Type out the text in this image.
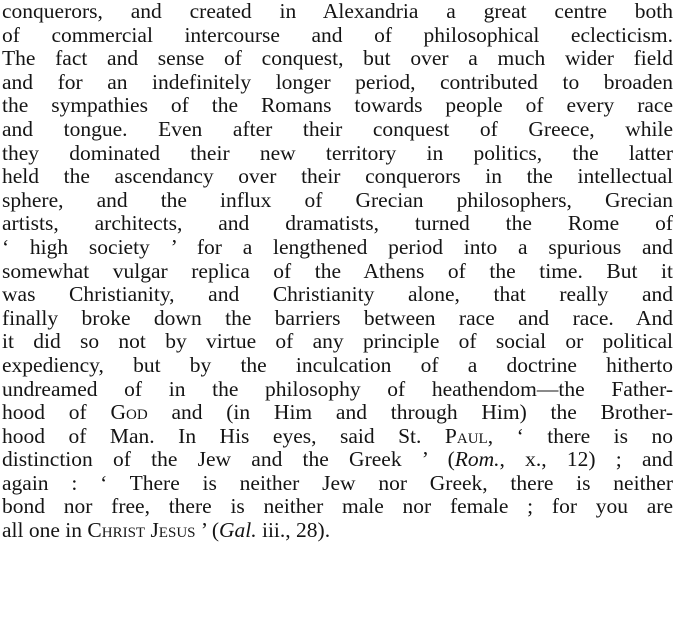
conquerors, and created in Alexandria a great centre both
of commercial intercourse and of philosophical eclecticism.
The fact and sense of conquest, but over a much wider field
and for an indefinitely longer period, contributed to broaden
the sympathies of the Romans towards people of every race
and tongue. Even after their conquest of Greece, while
they dominated their new territory in politics, the latter
held the ascendancy over their conquerors in the intellectual
sphere, and the influx of Grecian philosophers, Grecian
artists, architects, and dramatists, turned the Rome of
‘ high society ’ for a lengthened period into a spurious and
somewhat vulgar replica of the Athens of the time. But it
was Christianity, and Christianity alone, that really and
finally broke down the barriers between race and race. And
it did so not by virtue of any principle of social or political
expediency, but by the inculcation of a doctrine hitherto
undreamed of in the philosophy of heathendom—the Father-
hood of God and (in Him and through Him) the Brother-
hood of Man. In His eyes, said St. Paul, ‘ there is no
distinction of the Jew and the Greek ’ (Rom., x., 12) ; and
again : ‘ There is neither Jew nor Greek, there is neither
bond nor free, there is neither male nor female ; for you are
all one in Christ Jesus ’ (Gal. iii., 28).
